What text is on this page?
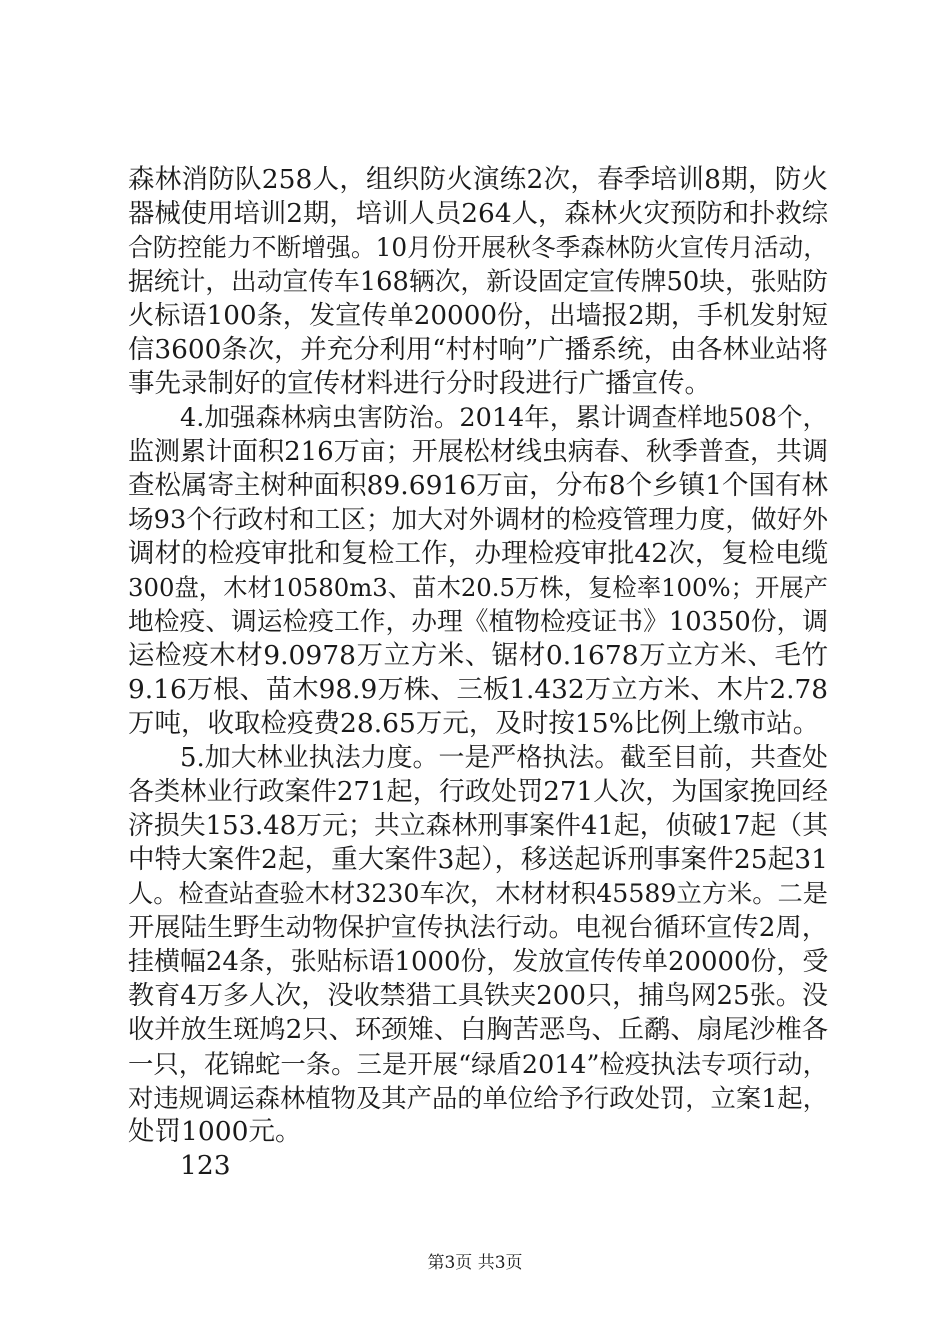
森林消防队258人，组织防火演练2次，春季培训8期，防火
器械使用培训2期，培训人员264人，森林火灾预防和扑救综
合防控能力不断增强。10月份开展秋冬季森林防火宣传月活动，
据统计，出动宣传车168辆次，新设固定宣传牌50块，张贴防
火标语100条，发宣传单20000份，出墙报2期，手机发射短
信3600条次，并充分利用“村村响”广播系统，由各林业站将
事先录制好的宣传材料进行分时段进行广播宣传。
4.加强森林病虫害防治。2014年，累计调查样地508个，
监测累计面积216万亩；开展松材线虫病春、秋季普查，共调
查松属寄主树种面积89.6916万亩，分布8个乡镇1个国有林
场93个行政村和工区；加大对外调材的检疫管理力度，做好外
调材的检疫审批和复检工作，办理检疫审批42次，复检电缆
300盘，木材10580m3、苗木20.5万株，复检率100%；开展产
地检疫、调运检疫工作，办理《植物检疫证书》10350份，调
运检疫木材9.0978万立方米、锯材0.1678万立方米、毛竹
9.16万根、苗木98.9万株、三板1.432万立方米、木片2.78
万吨，收取检疫费28.65万元，及时按15%比例上缴市站。
5.加大林业执法力度。一是严格执法。截至目前，共查处
各类林业行政案件271起，行政处罚271人次，为国家挽回经
济损失153.48万元；共立森林刑事案件41起，侦破17起（其
中特大案件2起，重大案件3起），移送起诉刑事案件25起31
人。检查站查验木材3230车次，木材材积45589立方米。二是
开展陆生野生动物保护宣传执法行动。电视台循环宣传2周，
挂横幅24条，张贴标语1000份，发放宣传传单20000份，受
教育4万多人次，没收禁猎工具铁夹200只，捕鸟网25张。没
收并放生斑鸠2只、环颈雉、白胸苦恶鸟、丘鹬、扇尾沙椎各
一只，花锦蛇一条。三是开展“绿盾2014”检疫执法专项行动，
对违规调运森林植物及其产品的单位给予行政处罚，立案1起，
处罚1000元。
123
第3页 共3页
